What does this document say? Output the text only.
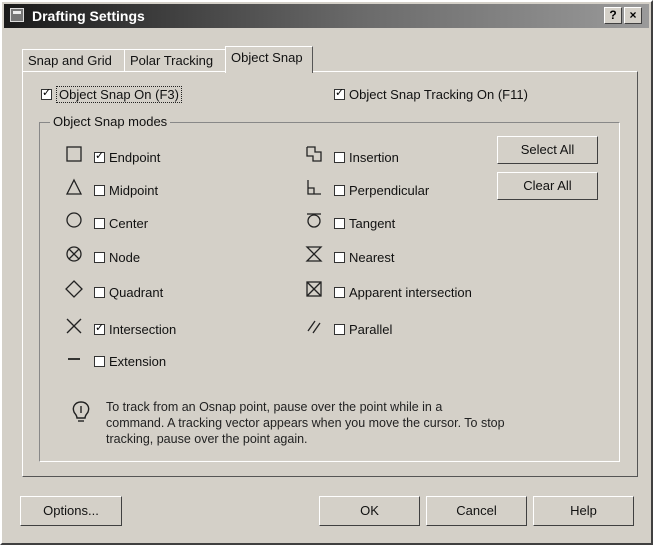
Drafting Settings	?	×
Snap and Grid	Polar Tracking	Object Snap
✓Object Snap On (F3)
✓	Object Snap Tracking On (F11)
Object Snap modes
✓Endpoint
Midpoint
Center
Node
Quadrant
✓Intersection
Extension
Insertion
Perpendicular
Tangent
Nearest
Apparent intersection
Parallel
Select All
Clear All
To track from an Osnap point, pause over the point while in a
command. A tracking vector appears when you move the cursor. To stop
tracking, pause over the point again.
Options...	OK	Cancel	Help
